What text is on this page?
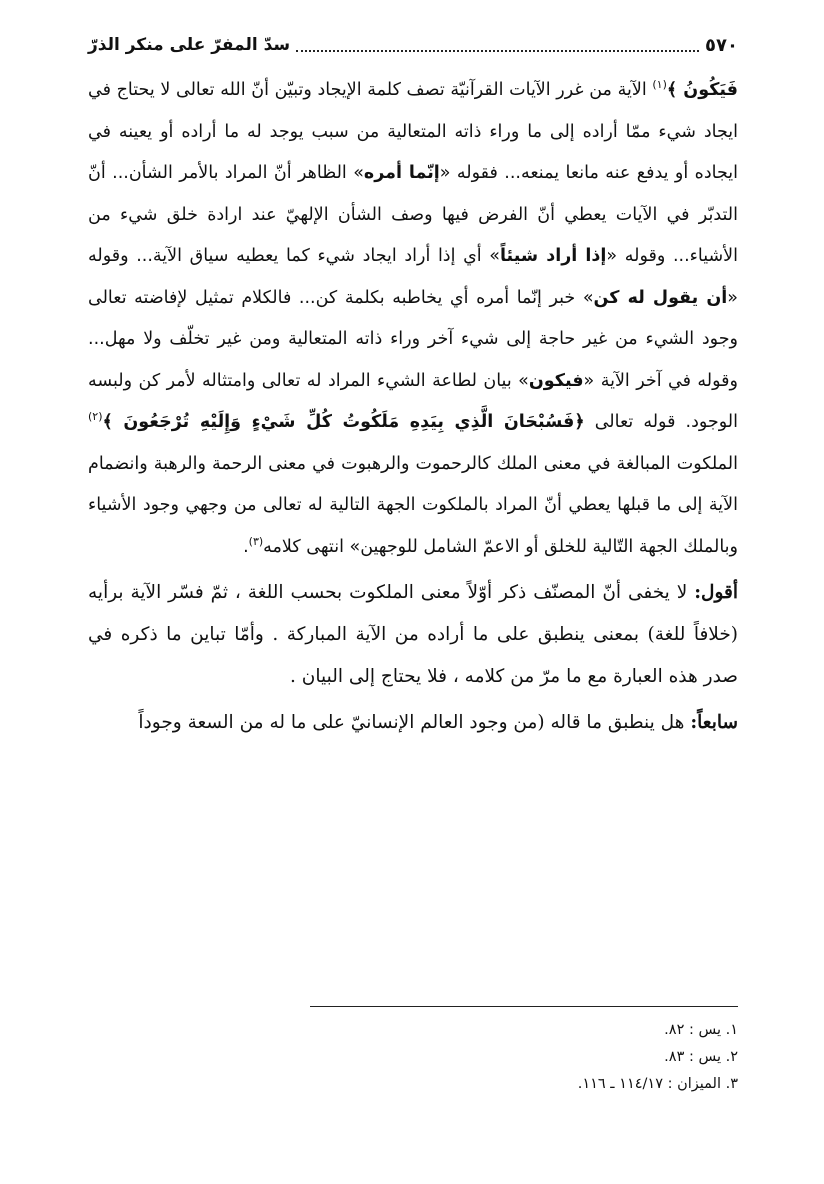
٥٧٠
سدّ المفرّ على منكر الذرّ

فَيَكُونُ ﴾$^{(١)}$ الآية من غرر الآيات القرآنيّة تصف كلمة الإيجاد وتبيّن أنّ الله تعالى لا يحتاج في ايجاد شيء ممّا أراده إلى ما وراء ذاته المتعالية من سبب يوجد له ما أراده أو يعينه في ايجاده أو يدفع عنه مانعا يمنعه... فقوله «إنّما أمره» الظاهر أنّ المراد بالأمر الشأن... أنّ التدبّر في الآيات يعطي أنّ الفرض فيها وصف الشأن الإلهيّ عند ارادة خلق شيء من الأشياء... وقوله «إذا أراد شيئاً» أي إذا أراد ايجاد شيء كما يعطيه سياق الآية... وقوله «أن يقول له كن» خبر إنّما أمره أي يخاطبه بكلمة كن... فالكلام تمثيل لإفاضته تعالى وجود الشيء من غير حاجة إلى شيء آخر وراء ذاته المتعالية ومن غير تخلّف ولا مهل... وقوله في آخر الآية «فيكون» بيان لطاعة الشيء المراد له تعالى وامتثاله لأمر كن ولبسه الوجود. قوله تعالى ﴿فَسُبْحَانَ الَّذِي بِيَدِهِ مَلَكُوتُ كُلِّ شَيْءٍ وَإِلَيْهِ تُرْجَعُونَ ﴾$^{(٢)}$ الملكوت المبالغة في معنى الملك كالرحموت والرهبوت في معنى الرحمة والرهبة وانضمام الآية إلى ما قبلها يعطي أنّ المراد بالملكوت الجهة التالية له تعالى من وجهي وجود الأشياء وبالملك الجهة التّالية للخلق أو الاعمّ الشامل للوجهين» انتهى كلامه$^{(٣)}$.

أقول: لا يخفى أنّ المصنّف ذكر أوّلاً معنى الملكوت بحسب اللغة ، ثمّ فسّر الآية برأيه (خلافاً للغة) بمعنى ينطبق على ما أراده من الآية المباركة . وأمّا تباين ما ذكره في صدر هذه العبارة مع ما مرّ من كلامه ، فلا يحتاج إلى البيان .

سابعاً: هل ينطبق ما قاله (من وجود العالم الإنسانيّ على ما له من السعة وجوداً

١. يس : ٨٢.

٢. يس : ٨٣.

٣. الميزان : ١١٤/١٧ ـ ١١٦.
